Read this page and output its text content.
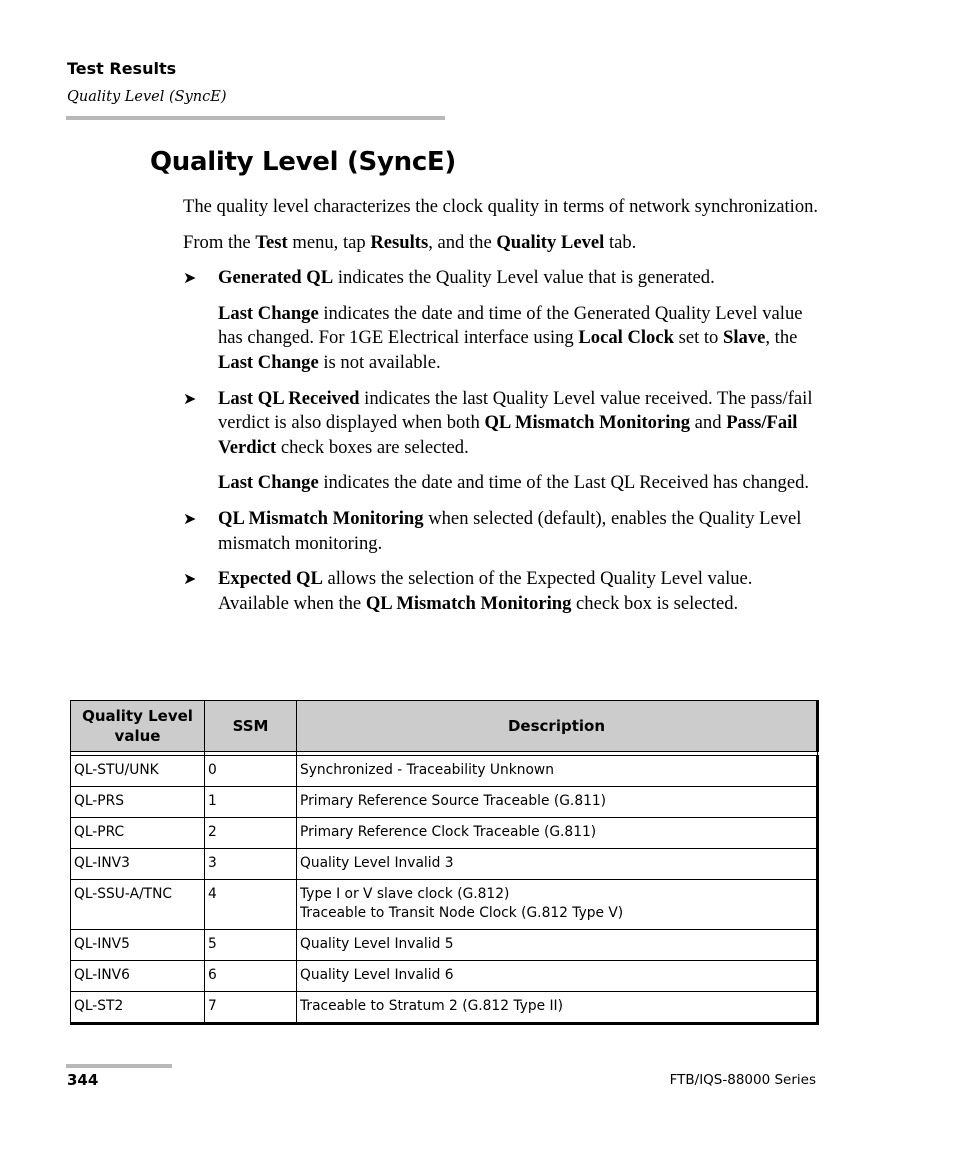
Test Results
Quality Level (SyncE)
Quality Level (SyncE)

The quality level characterizes the clock quality in terms of network synchronization.

From the Test menu, tap Results, and the Quality Level tab.

➤ Generated QL indicates the Quality Level value that is generated.
Last Change indicates the date and time of the Generated Quality Level value has changed. For 1GE Electrical interface using Local Clock set to Slave, the Last Change is not available.
➤ Last QL Received indicates the last Quality Level value received. The pass/fail verdict is also displayed when both QL Mismatch Monitoring and Pass/Fail Verdict check boxes are selected.
Last Change indicates the date and time of the Last QL Received has changed.
➤ QL Mismatch Monitoring when selected (default), enables the Quality Level mismatch monitoring.
➤ Expected QL allows the selection of the Expected Quality Level value. Available when the QL Mismatch Monitoring check box is selected.
Quality Level value	SSM	Description

QL-STU/UNK	0	Synchronized - Traceability Unknown
QL-PRS	1	Primary Reference Source Traceable (G.811)
QL-PRC	2	Primary Reference Clock Traceable (G.811)
QL-INV3	3	Quality Level Invalid 3
QL-SSU-A/TNC	4	Type I or V slave clock (G.812)
Traceable to Transit Node Clock (G.812 Type V)

QL-INV5	5	Quality Level Invalid 5
QL-INV6	6	Quality Level Invalid 6
QL-ST2	7	Traceable to Stratum 2 (G.812 Type II)
344	FTB/IQS-88000 Series
